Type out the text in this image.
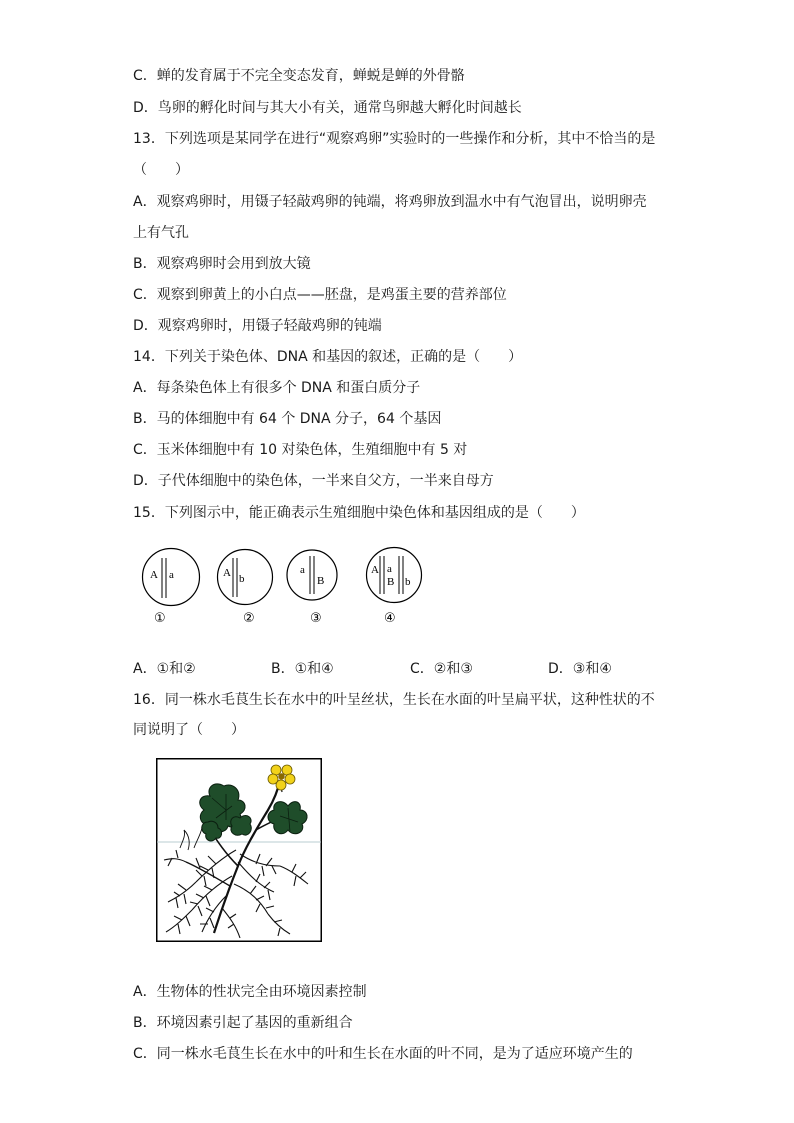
C．蝉的发育属于不完全变态发育，蝉蜕是蝉的外骨骼
D．鸟卵的孵化时间与其大小有关，通常鸟卵越大孵化时间越长
13．下列选项是某同学在进行“观察鸡卵”实验时的一些操作和分析，其中不恰当的是
（　　）
A．观察鸡卵时，用镊子轻敲鸡卵的钝端，将鸡卵放到温水中有气泡冒出，说明卵壳
上有气孔
B．观察鸡卵时会用到放大镜
C．观察到卵黄上的小白点——胚盘，是鸡蛋主要的营养部位
D．观察鸡卵时，用镊子轻敲鸡卵的钝端
14．下列关于染色体、DNA 和基因的叙述，正确的是（　　）
A．每条染色体上有很多个 DNA 和蛋白质分子
B．马的体细胞中有 64 个 DNA 分子，64 个基因
C．玉米体细胞中有 10 对染色体，生殖细胞中有 5 对
D．子代体细胞中的染色体，一半来自父方，一半来自母方
15．下列图示中，能正确表示生殖细胞中染色体和基因组成的是（　　）
A a
①
A b
②
a
B
③
A a
B b
④
A．①和②	B．①和④	C．②和③	D．③和④
16．同一株水毛茛生长在水中的叶呈丝状，生长在水面的叶呈扁平状，这种性状的不
同说明了（　　）
A．生物体的性状完全由环境因素控制
B．环境因素引起了基因的重新组合
C．同一株水毛茛生长在水中的叶和生长在水面的叶不同，是为了适应环境产生的
